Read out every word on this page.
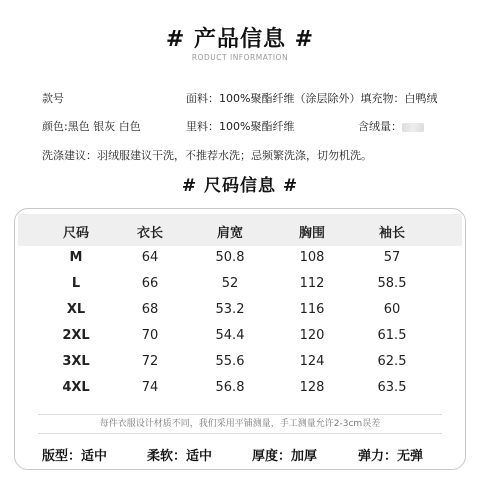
# 产品信息 #
RODUCT INFORMATION
款号	面料：100%聚酯纤维（涂层除外）填充物：白鸭绒
颜色:黑色 银灰 白色	里料：100%聚酯纤维	含绒量：
洗涤建议：羽绒服建议干洗，不推荐水洗；忌频繁洗涤，切勿机洗。
# 尺码信息 #
尺码	衣长	肩宽	胸围	袖长
M	64	50.8	108	57
L	66	52	112	58.5
XL	68	53.2	116	60
2XL	70	54.4	120	61.5
3XL	72	55.6	124	62.5
4XL	74	56.8	128	63.5
每件衣服设计材质不同，我们采用平铺测量，手工测量允许2-3cm误差
版型：适中	柔软：适中	厚度：加厚	弹力：无弹
